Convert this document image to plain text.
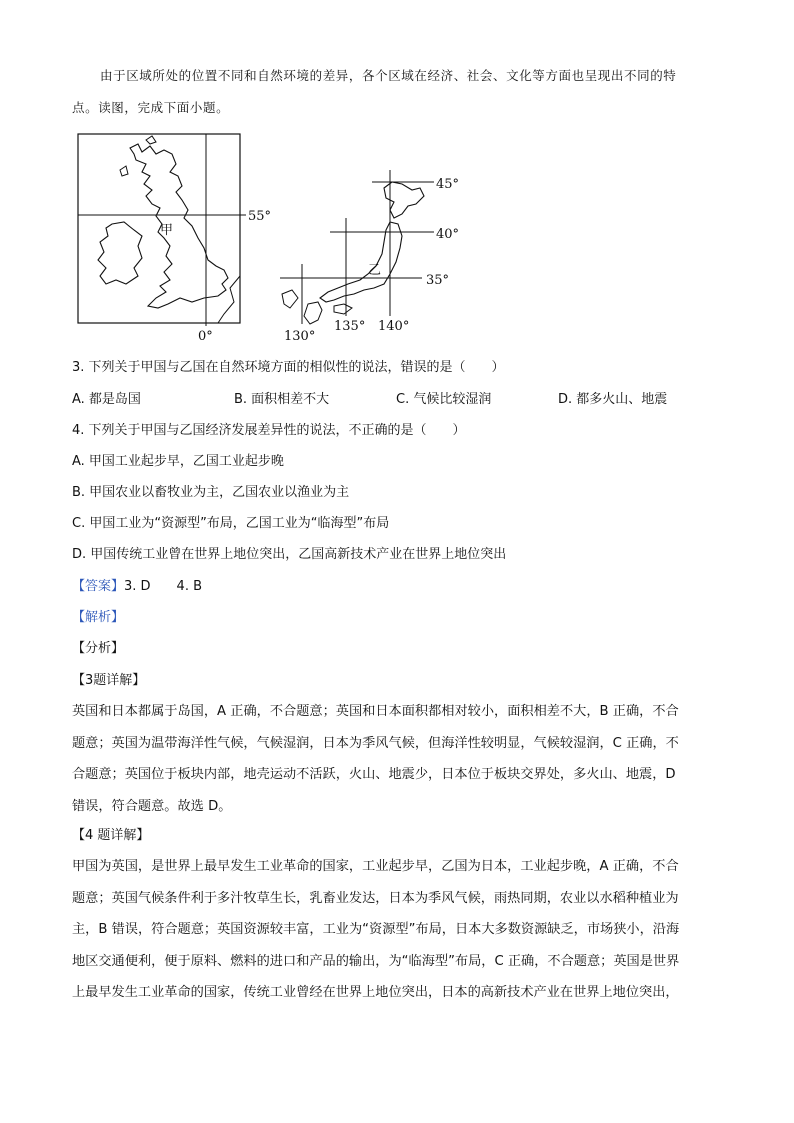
由于区域所处的位置不同和自然环境的差异，各个区域在经济、社会、文化等方面也呈现出不同的特
点。读图，完成下面小题。
甲
55°
0°
乙
45°
40°
35°
130°
135° 140°
3. 下列关于甲国与乙国在自然环境方面的相似性的说法，错误的是（　　）
A. 都是岛国	B. 面积相差不大	C. 气候比较湿润	D. 都多火山、地震
4. 下列关于甲国与乙国经济发展差异性的说法，不正确的是（　　）
A. 甲国工业起步早，乙国工业起步晚
B. 甲国农业以畜牧业为主，乙国农业以渔业为主
C. 甲国工业为“资源型”布局，乙国工业为“临海型”布局
D. 甲国传统工业曾在世界上地位突出，乙国高新技术产业在世界上地位突出
【答案】3. D　　4. B
【解析】
【分析】
【3题详解】

英国和日本都属于岛国，A 正确，不合题意；英国和日本面积都相对较小，面积相差不大，B 正确，不合

题意；英国为温带海洋性气候，气候湿润，日本为季风气候，但海洋性较明显，气候较湿润，C 正确，不

合题意；英国位于板块内部，地壳运动不活跃，火山、地震少，日本位于板块交界处，多火山、地震，D

错误，符合题意。故选 D。

【4 题详解】

甲国为英国，是世界上最早发生工业革命的国家，工业起步早，乙国为日本，工业起步晚，A 正确，不合

题意；英国气候条件利于多汁牧草生长，乳畜业发达，日本为季风气候，雨热同期，农业以水稻种植业为

主，B 错误，符合题意；英国资源较丰富，工业为“资源型”布局，日本大多数资源缺乏，市场狭小，沿海

地区交通便利，便于原料、燃料的进口和产品的输出，为“临海型”布局，C 正确，不合题意；英国是世界

上最早发生工业革命的国家，传统工业曾经在世界上地位突出，日本的高新技术产业在世界上地位突出，
